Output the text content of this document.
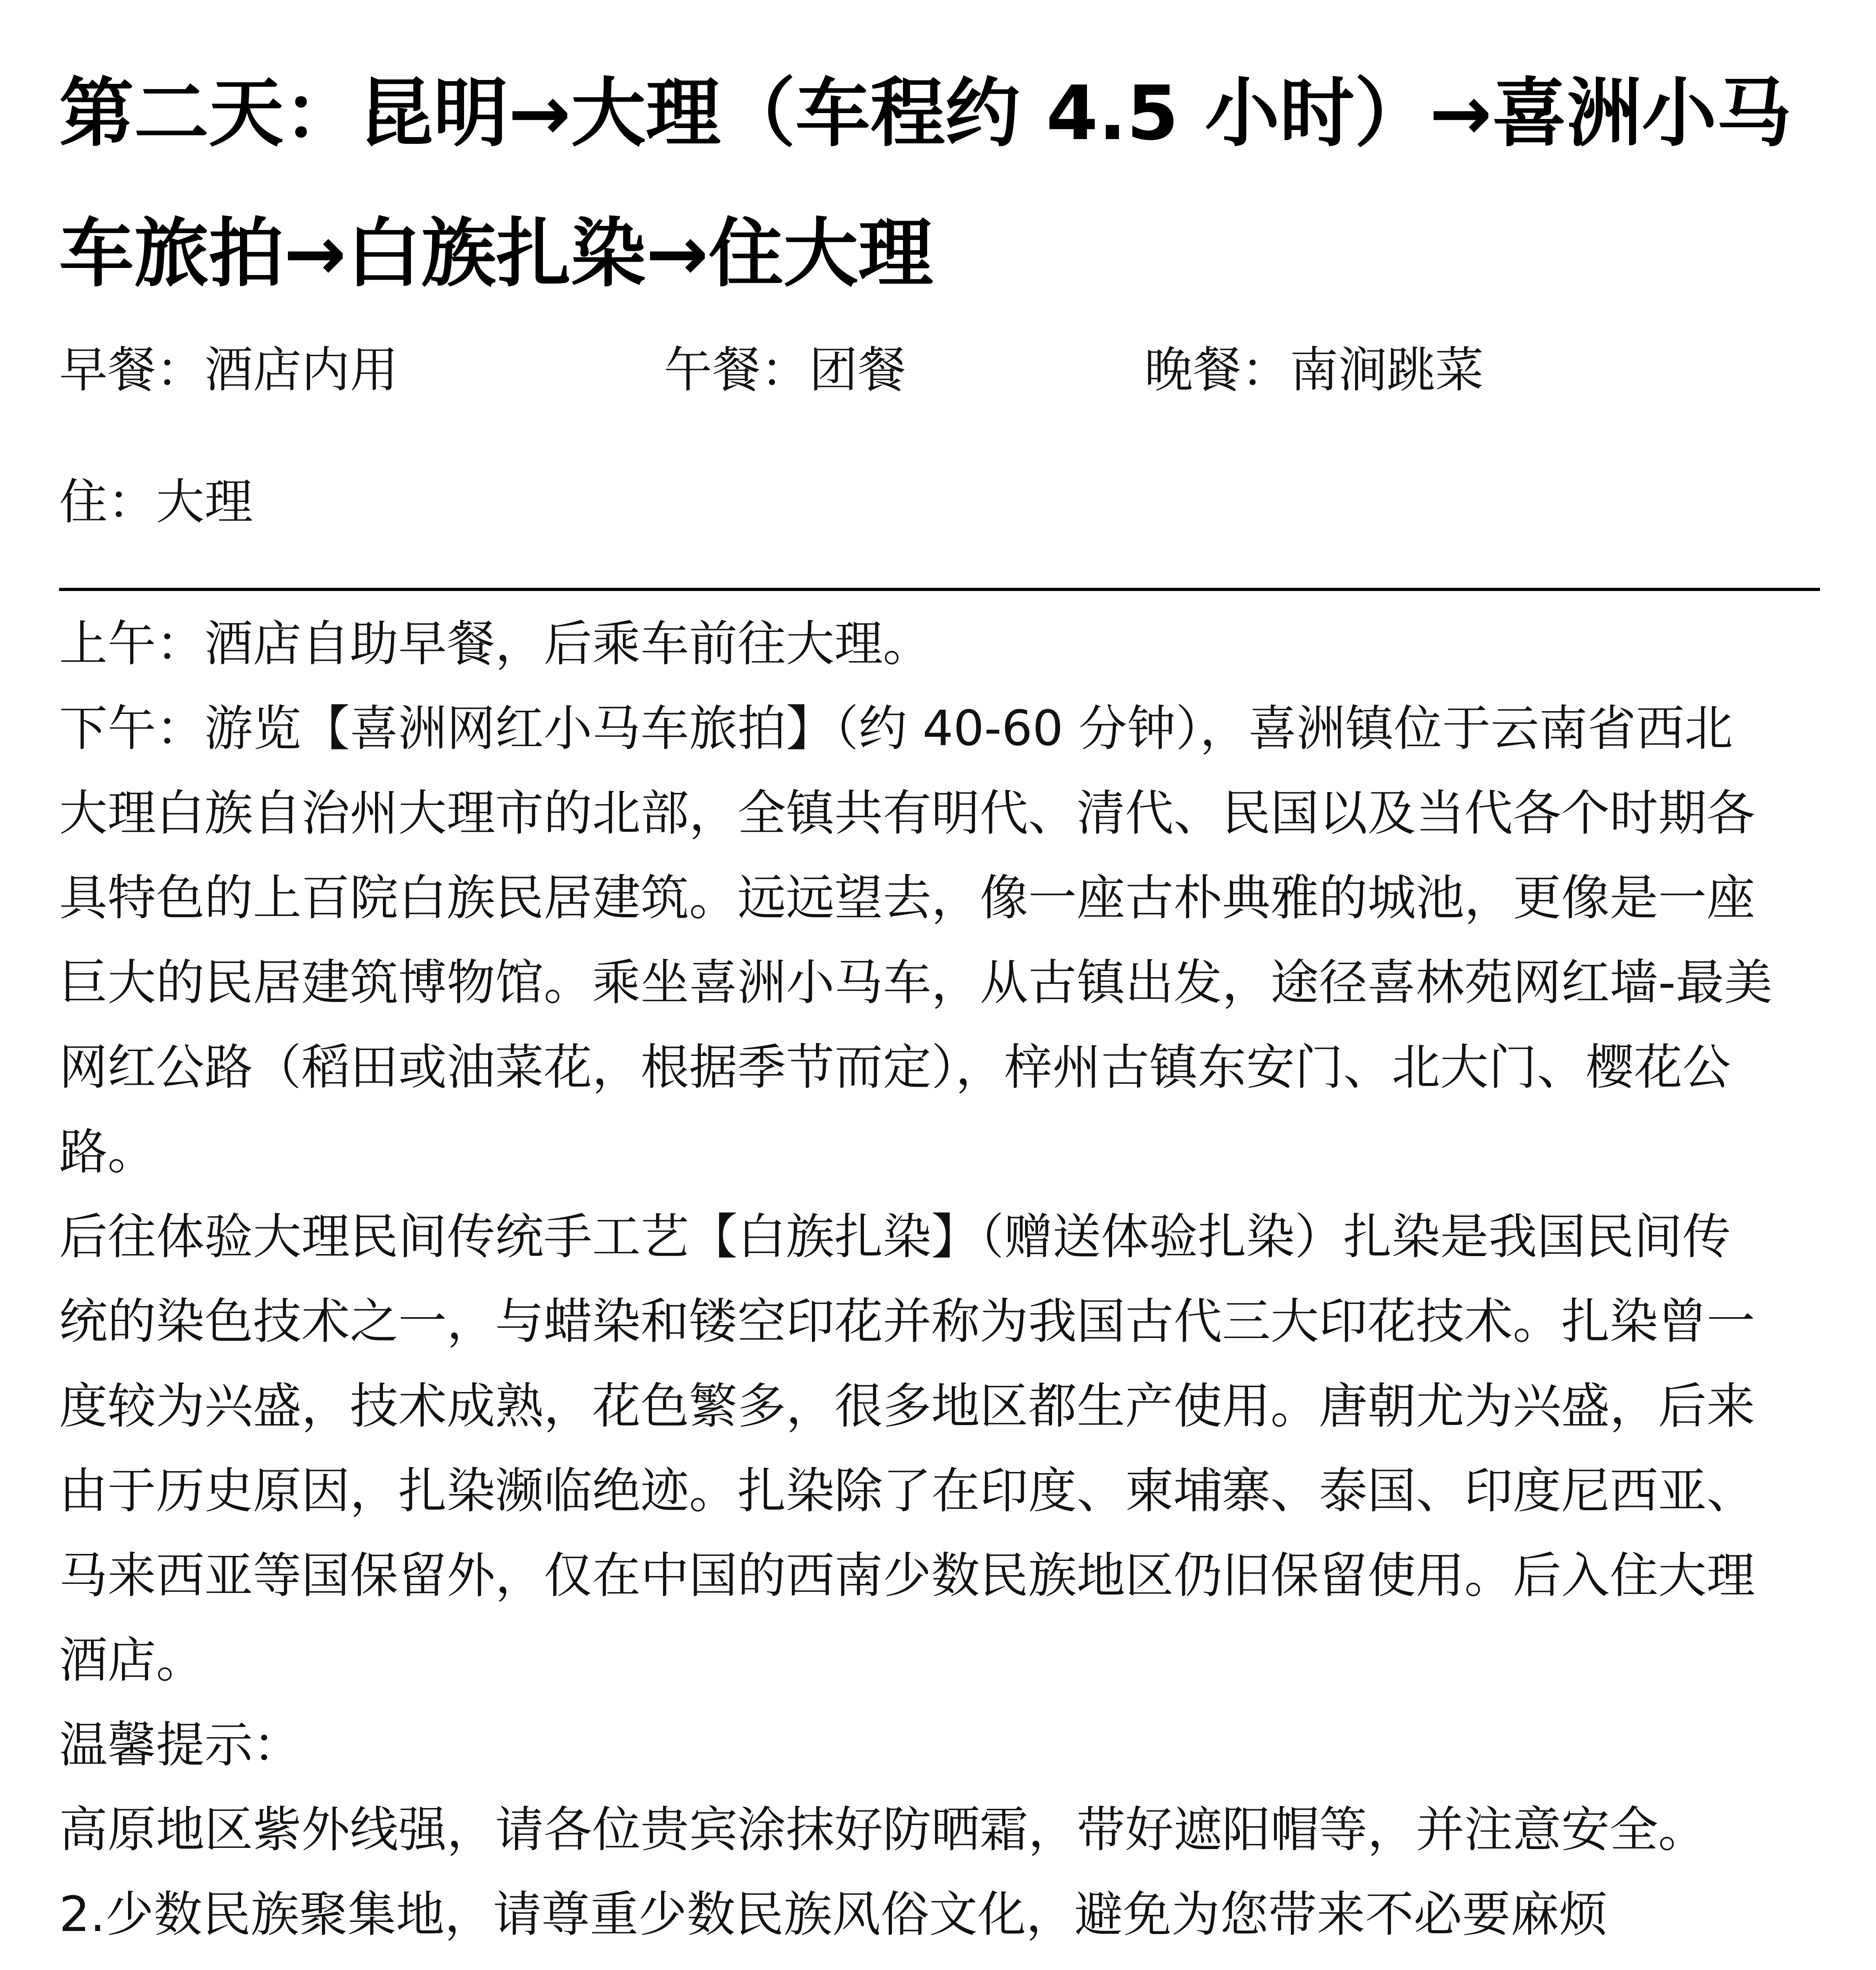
第二天：昆明→大理（车程约 4.5 小时）→喜洲小马车旅拍→白族扎染→住大理
早餐：酒店内用	午餐：团餐	晚餐：南涧跳菜
住：大理

上午：酒店自助早餐，后乘车前往大理。

下午：游览【喜洲网红小马车旅拍】（约 40-60 分钟），喜洲镇位于云南省西北

大理白族自治州大理市的北部，全镇共有明代、清代、民国以及当代各个时期各

具特色的上百院白族民居建筑。远远望去，像一座古朴典雅的城池，更像是一座

巨大的民居建筑博物馆。乘坐喜洲小马车，从古镇出发，途径喜林苑网红墙-最美

网红公路（稻田或油菜花，根据季节而定），梓州古镇东安门、北大门、樱花公

路。

后往体验大理民间传统手工艺【白族扎染】（赠送体验扎染）扎染是我国民间传

统的染色技术之一，与蜡染和镂空印花并称为我国古代三大印花技术。扎染曾一

度较为兴盛，技术成熟，花色繁多，很多地区都生产使用。唐朝尤为兴盛，后来

由于历史原因，扎染濒临绝迹。扎染除了在印度、柬埔寨、泰国、印度尼西亚、

马来西亚等国保留外，仅在中国的西南少数民族地区仍旧保留使用。后入住大理

酒店。

温馨提示：

高原地区紫外线强，请各位贵宾涂抹好防晒霜，带好遮阳帽等，并注意安全。

2.少数民族聚集地，请尊重少数民族风俗文化，避免为您带来不必要麻烦
